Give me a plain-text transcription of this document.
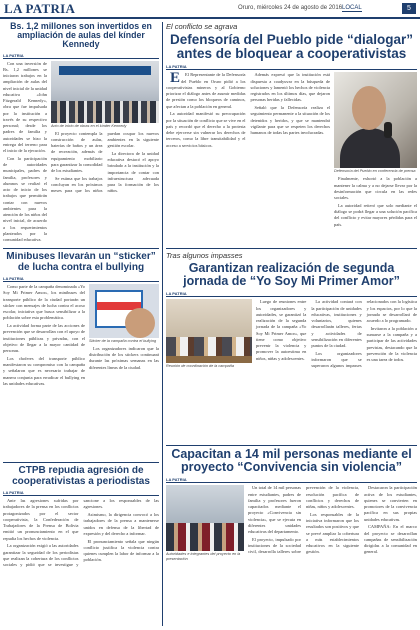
LA PATRIA	Oruro, miércoles 24 de agosto de 2016 LOCAL	5
Bs. 1,2 millones son invertidos en ampliación de aulas del kínder Kennedy
LA PATRIA

Con una inversión de Bs. 1,2 millones se iniciaron trabajos en la ampliación de aulas del nivel inicial de la unidad educativa «John Fitzgerald Kennedy», obra que fue impulsada por la institución a través de su respectivo personal; desde los padres de familia y autoridades se hizo la entrega del terreno para el inicio de la ejecución.

Con la participación de autoridades municipales, padres de familia, profesores y alumnos se realizó el acto de inicio de los trabajos que permitirán contar con nuevos ambientes para la atención de los niños del nivel inicial, de acuerdo a los requerimientos planteados por la comunidad educativa.

Acto de inicio de obras en el kínder Kennedy

El proyecto contempla la construcción de aulas, baterías de baños y un área de recreación, además de equipamiento mobiliario para garantizar la comodidad de los estudiantes.

Se estima que los trabajos concluyan en los próximos meses para que los niños puedan ocupar los nuevos ambientes en la siguiente gestión escolar.

La directora de la unidad educativa destacó el apoyo brindado a la institución y la importancia de contar con infraestructura adecuada para la formación de los niños.

Minibuses llevarán un “sticker” de lucha contra el bullying
LA PATRIA

Como parte de la campaña denominada «Yo Soy Mi Primer Amor», los minibuses del transporte público de la ciudad portarán un sticker con mensajes de lucha contra el acoso escolar, iniciativa que busca sensibilizar a la población sobre esta problemática.

La actividad forma parte de las acciones de prevención que se desarrollan con el apoyo de instituciones públicas y privadas, con el objetivo de llegar a la mayor cantidad de personas.

Los choferes del transporte público manifestaron su compromiso con la campaña y señalaron que es necesario trabajar de manera conjunta para erradicar el bullying en las unidades educativas.

Sticker de la campaña contra el bullying

Los organizadores indicaron que la distribución de los stickers continuará durante las próximas semanas en las diferentes líneas de la ciudad.

CTPB repudia agresión de cooperativistas a periodistas
LA PATRIA

Ante las agresiones sufridas por trabajadores de la prensa en los conflictos protagonizados por el sector cooperativista, la Confederación de Trabajadores de la Prensa de Bolivia emitió un pronunciamiento en el que repudia los hechos de violencia.

La organización exigió a las autoridades garantizar la seguridad de los periodistas que realizan la cobertura de los conflictos sociales y pidió que se investigue y sancione a los responsables de las agresiones.

Asimismo, la dirigencia convocó a los trabajadores de la prensa a mantenerse unidos en defensa de la libertad de expresión y del derecho a informar.

El pronunciamiento señala que ningún conflicto justifica la violencia contra quienes cumplen la labor de informar a la población.

El conflicto se agrava
Defensoría del Pueblo pide “dialogar” antes de bloquear a cooperativistas
LA PATRIA

E El Representante de la Defensoría del Pueblo en Oruro pidió a los cooperativistas mineros y al Gobierno priorizar el diálogo antes de asumir medidas de presión como los bloqueos de caminos, que afectan a la población en general.

La autoridad manifestó su preocupación por la situación de conflicto que se vive en el país y recordó que el derecho a la protesta debe ejercerse sin vulnerar los derechos de terceros, como la libre transitabilidad y el acceso a servicios básicos.

Además expresó que la institución está dispuesta a coadyuvar en la búsqueda de soluciones y lamentó los hechos de violencia registrados en los últimos días, que dejaron personas heridas y fallecidas.

Señaló que la Defensoría realiza el seguimiento permanente a la situación de los detenidos y heridos, y que se mantendrá vigilante para que se respeten los derechos humanos de todas las partes involucradas.

Defensoría del Pueblo en conferencia de prensa

Finalmente, exhortó a la población a mantener la calma y a no dejarse llevar por la desinformación que circula en las redes sociales.

La autoridad reiteró que solo mediante el diálogo se podrá llegar a una solución pacífica del conflicto y evitar mayores pérdidas para el país.

Tras algunos impasses
Garantizan realización de segunda jornada de “Yo Soy Mi Primer Amor”
LA PATRIA
Reunión de coordinación de la campaña

Luego de reuniones entre los organizadores y autoridades, se garantizó la realización de la segunda jornada de la campaña «Yo Soy Mi Primer Amor», que tiene como objetivo prevenir la violencia y promover la autoestima en niños, niñas y adolescentes.

La actividad contará con la participación de unidades educativas, instituciones y voluntarios, quienes desarrollarán talleres, ferias y actividades de sensibilización en diferentes puntos de la ciudad.

Los organizadores informaron que se superaron algunos impasses relacionados con la logística y los espacios, por lo que la jornada se desarrollará de acuerdo a lo programado.

Invitaron a la población a sumarse a la campaña y a participar de las actividades previstas, destacando que la prevención de la violencia es una tarea de todos.

Capacitan a 14 mil personas mediante el proyecto “Convivencia sin violencia”
LA PATRIA
Autoridades e integrantes del proyecto en la presentación

Un total de 14 mil personas entre estudiantes, padres de familia y profesores fueron capacitados mediante el proyecto «Convivencia sin violencia», que se ejecuta en diferentes unidades educativas del departamento.

El proyecto, impulsado por instituciones de la sociedad civil, desarrolla talleres sobre prevención de la violencia, resolución pacífica de conflictos y derechos de niñas, niños y adolescentes.

Los responsables de la iniciativa informaron que los resultados son positivos y que se prevé ampliar la cobertura a más establecimientos educativos en la siguiente gestión.

Destacaron la participación activa de los estudiantes, quienes se convierten en promotores de la convivencia pacífica en sus propias unidades educativas.

CAMPAÑA: En el marco del proyecto se desarrollan campañas de sensibilización dirigidas a la comunidad en general.
